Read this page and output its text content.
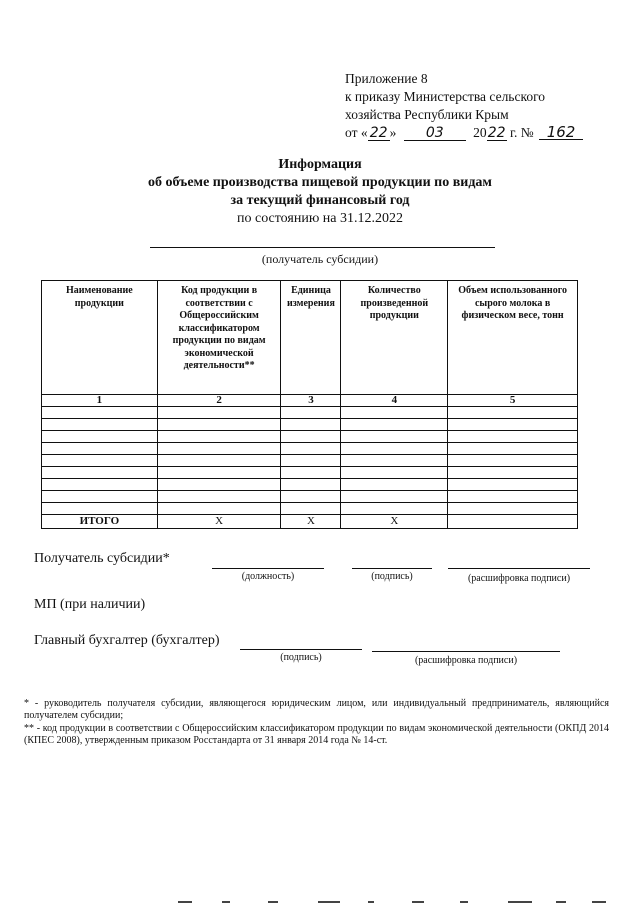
Приложение 8
к приказу Министерства сельского
хозяйства Республики Крым
от « 22 » 03 2022 г. № 162
Информация
об объеме производства пищевой продукции по видам
за текущий финансовый год
по состоянию на 31.12.2022
(получатель субсидии)
Наименование продукции	Код продукции в соответствии с Общероссийским классификатором продукции по видам экономической деятельности**	Единица измерения	Количество произведенной продукции	Объем использованного сырого молока в физическом весе, тонн
1	2	3	4	5

ИТОГО	Х	Х	Х	
Получатель субсидии*
(должность)	(подпись)	(расшифровка подписи)
МП (при наличии)
Главный бухгалтер (бухгалтер)
(подпись)	(расшифровка подписи)
* - руководитель получателя субсидии, являющегося юридическим лицом, или индивидуальный предприниматель, являющийся получателем субсидии;
** - код продукции в соответствии с Общероссийским классификатором продукции по видам экономической деятельности (ОКПД 2014 (КПЕС 2008), утвержденным приказом Росстандарта от 31 января 2014 года № 14-ст.
